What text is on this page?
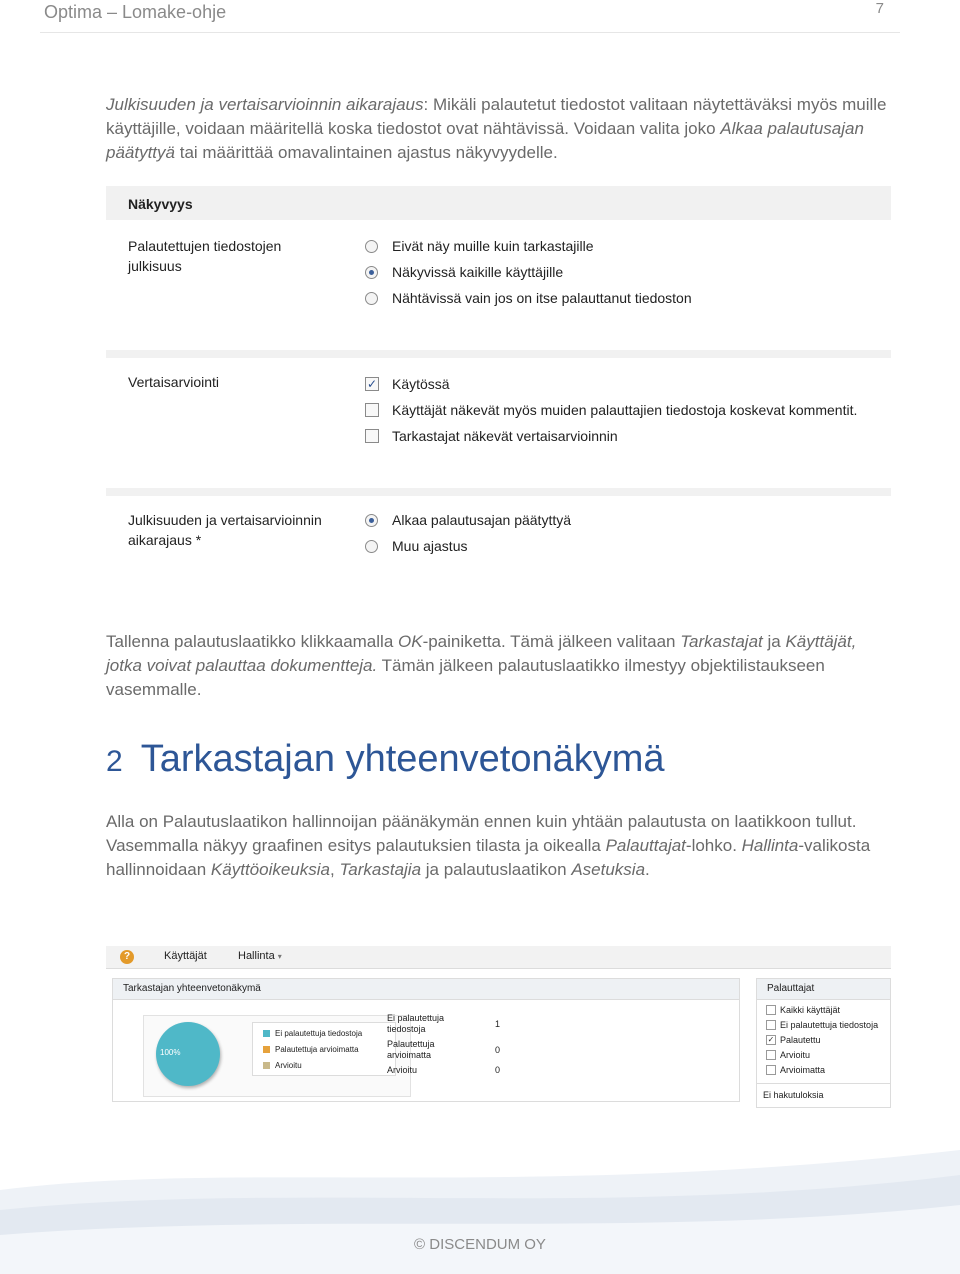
Optima – Lomake-ohje	7
Julkisuuden ja vertaisarvioinnin aikarajaus: Mikäli palautetut tiedostot valitaan näytettäväksi myös muille käyttäjille, voidaan määritellä koska tiedostot ovat nähtävissä. Voidaan valita joko Alkaa palautusajan päätyttyä tai määrittää omavalintainen ajastus näkyvyydelle.
Näkyvyys
Palautettujen tiedostojen julkisuus
Eivät näy muille kuin tarkastajille
Näkyvissä kaikille käyttäjille
Nähtävissä vain jos on itse palauttanut tiedoston
Vertaisarviointi	✓ Käytössä
Käyttäjät näkevät myös muiden palauttajien tiedostoja koskevat kommentit.
Tarkastajat näkevät vertaisarvioinnin
Julkisuuden ja vertaisarvioinnin aikarajaus *
Alkaa palautusajan päätyttyä
Muu ajastus
Tallenna palautuslaatikko klikkaamalla OK-painiketta. Tämä jälkeen valitaan Tarkastajat ja Käyttäjät, jotka voivat palauttaa dokumentteja. Tämän jälkeen palautuslaatikko ilmestyy objektilistaukseen vasemmalle.
2 Tarkastajan yhteenvetonäkymä
Alla on Palautuslaatikon hallinnoijan päänäkymän ennen kuin yhtään palautusta on laatikkoon tullut. Vasemmalla näkyy graafinen esitys palautuksien tilasta ja oikealla Palauttajat-lohko. Hallinta-valikosta hallinnoidaan Käyttöoikeuksia, Tarkastajia ja palautuslaatikon Asetuksia.
?	Käyttäjät	Hallinta ▾
Tarkastajan yhteenvetonäkymä
100%
Ei palautettuja tiedostoja
Palautettuja arvioimatta
Arvioitu
Ei palautettuja tiedostoja	1
Palautettuja arvioimatta	0
Arvioitu	0
Palauttajat
Kaikki käyttäjät
Ei palautettuja tiedostoja
✓ Palautettu
Arvioitu
Arvioimatta
Ei hakutuloksia
© DISCENDUM OY
